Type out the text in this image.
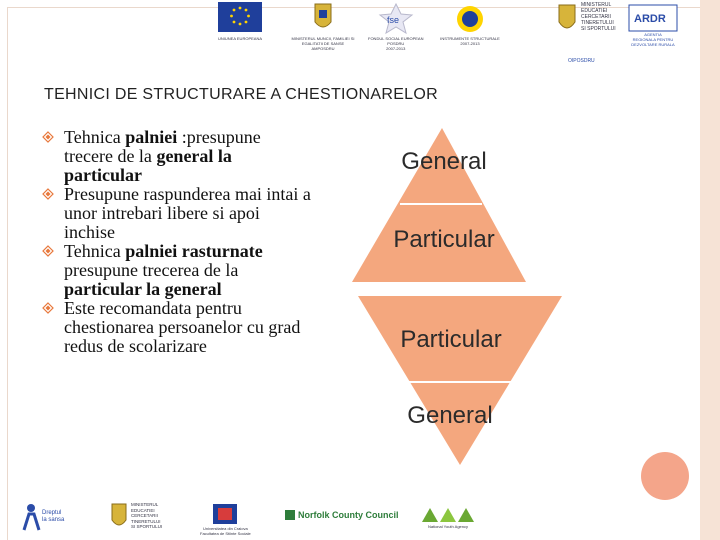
UNIUNEA EUROPEANA	MINISTERUL MUNCII, FAMILIEI SI EGALITATII DE SANSE
AMPOSDRU
fse
FONDUL SOCIAL EUROPEAN
POSDRU
2007-2013
INSTRUMENTE STRUCTURALE
2007-2013
MINISTERUL
EDUCATIEI
CERCETARII
TINERETULUI
SI SPORTULUI
OIPOSDRU
ARDR
AGENTIA
REGIONALA PENTRU
DEZVOLTARE RURALA
TEHNICI DE STRUCTURARE A CHESTIONARELOR
Tehnica palniei :presupune trecere de la general la particular
Presupune raspunderea mai intai a unor intrebari libere si apoi inchise
Tehnica palniei rasturnate presupune trecerea de la particular la general
Este recomandata pentru chestionarea persoanelor cu grad redus de scolarizare
General
Particular
Particular
General
Dreptul
la sansa
MINISTERUL
EDUCATIEI
CERCETARII
TINERETULUI
SI SPORTULUI	Universitatea din Craiova
Facultatea de Stiinte Sociale
Norfolk County Council
National Youth Agency
